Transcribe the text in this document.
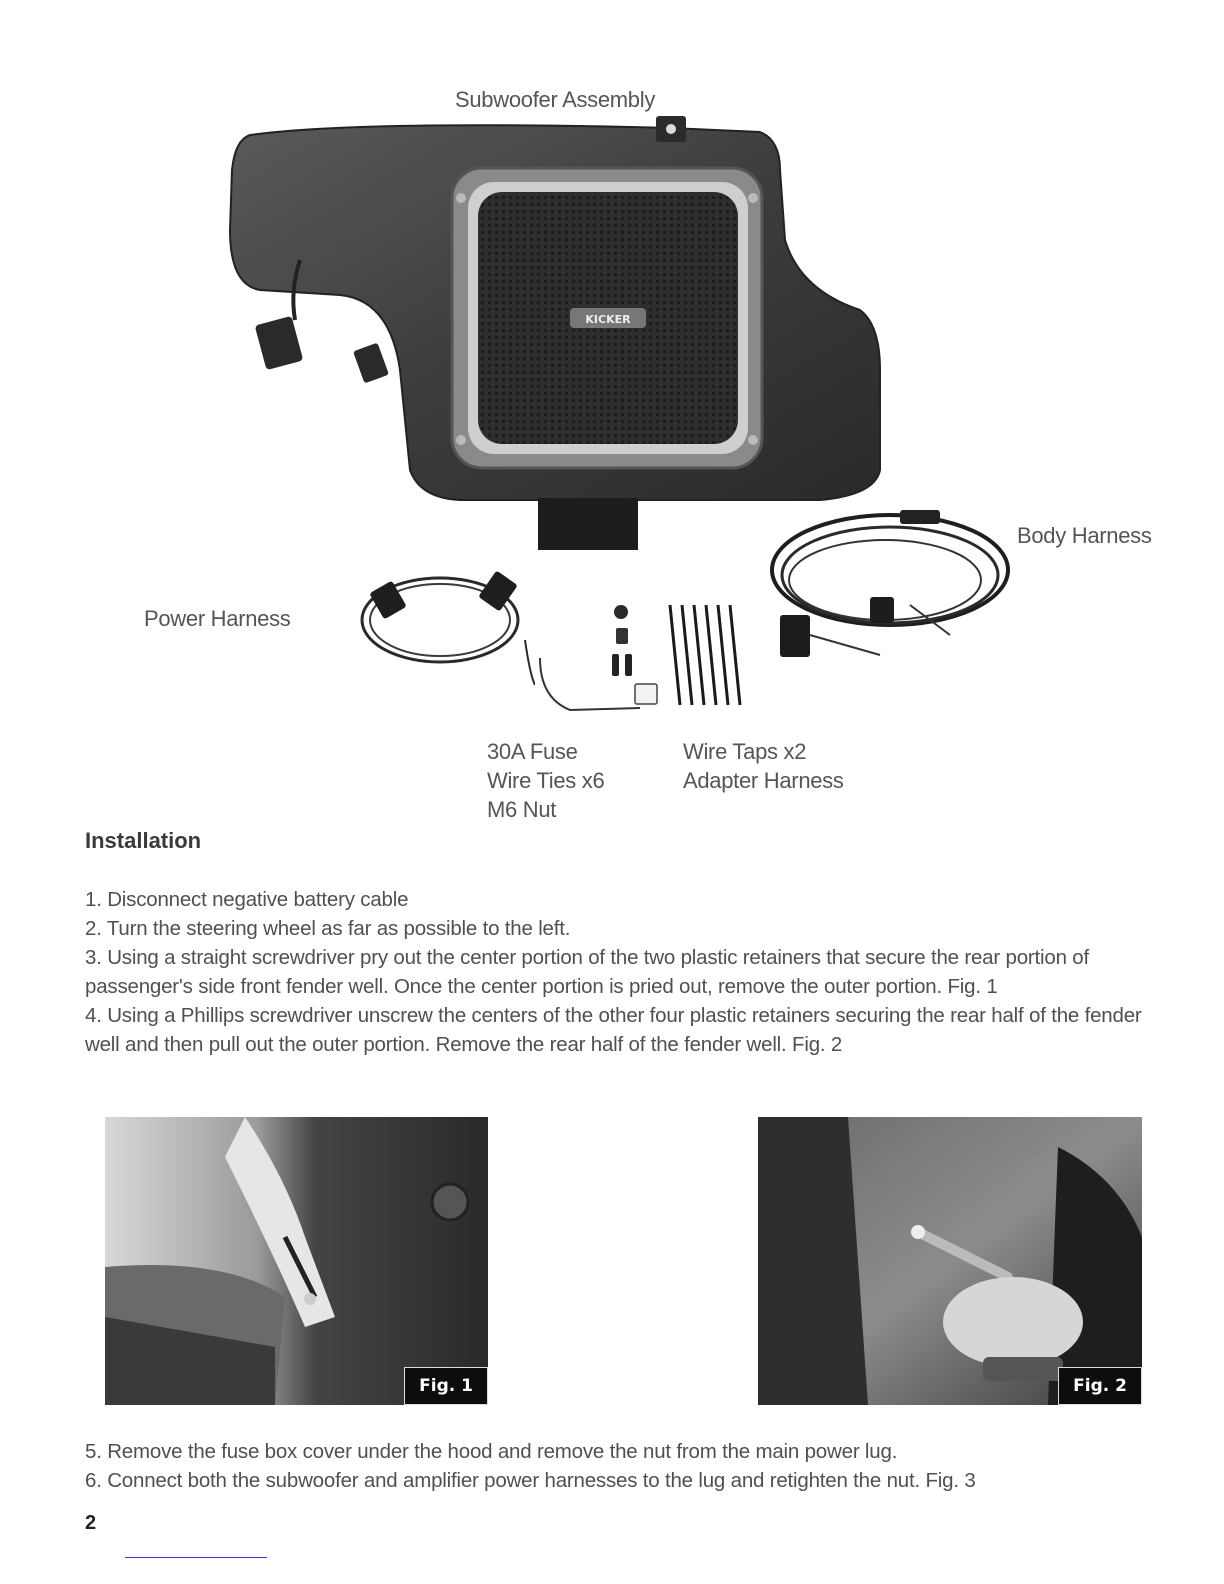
KICKER
Subwoofer Assembly
Body Harness
Power Harness
30A Fuse
Wire Ties x6
M6 Nut
Wire Taps x2
Adapter Harness
Installation
1. Disconnect negative battery cable
2. Turn the steering wheel as far as possible to the left.
3. Using a straight screwdriver pry out the center portion of the two plastic retainers that secure the rear portion of passenger's side front fender well. Once the center portion is pried out, remove the outer portion. Fig. 1
4. Using a Phillips screwdriver unscrew the centers of the other four plastic retainers securing the rear half of the fender well and then pull out the outer portion. Remove the rear half of the fender well. Fig. 2
Fig. 1	Fig. 2
5. Remove the fuse box cover under the hood and remove the nut from the main power lug.
6. Connect both the subwoofer and amplifier power harnesses to the lug and retighten the nut. Fig. 3
2
